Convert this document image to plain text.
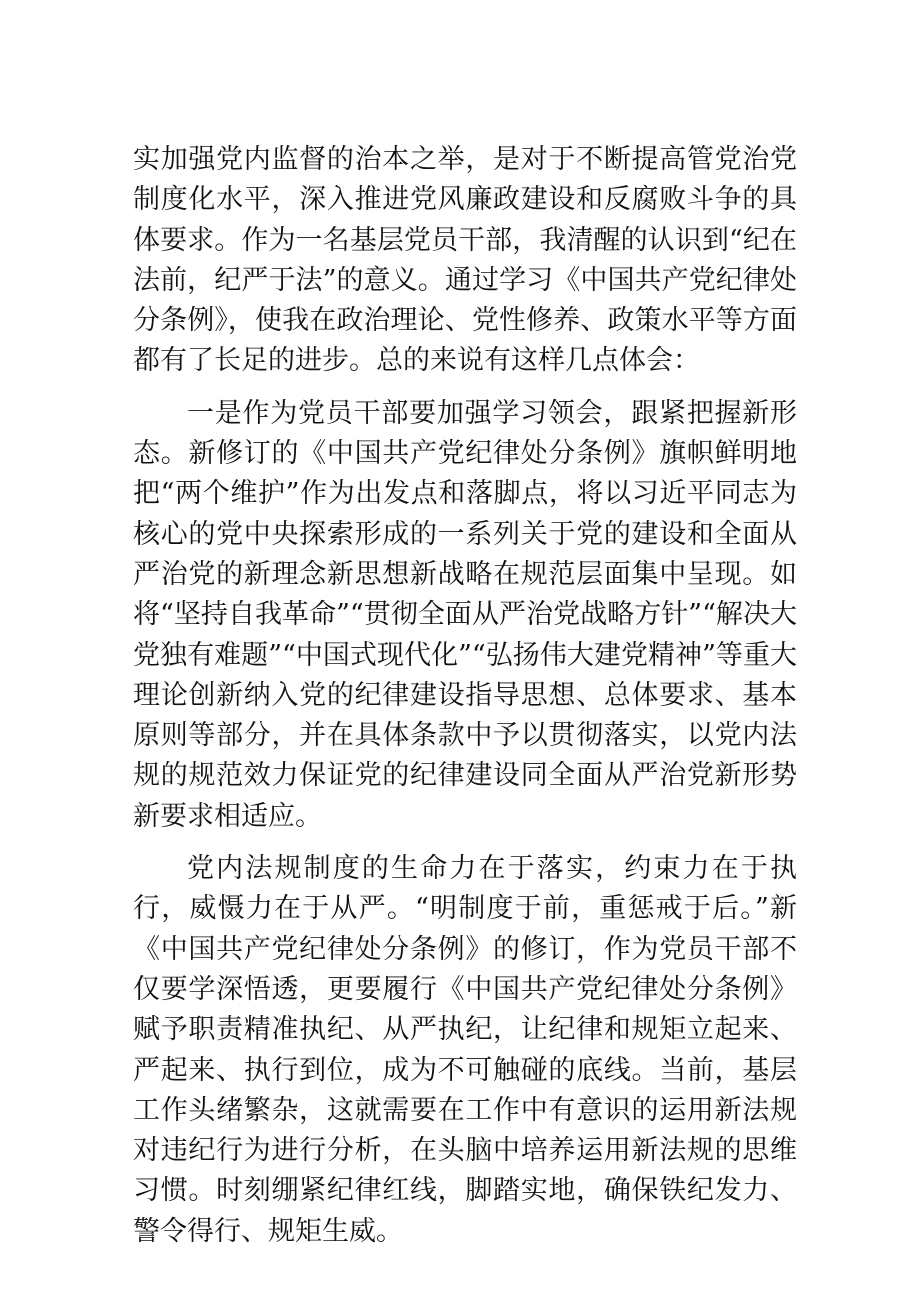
实加强党内监督的治本之举，是对于不断提高管党治党制度化水平，深入推进党风廉政建设和反腐败斗争的具体要求。作为一名基层党员干部，我清醒的认识到“纪在法前，纪严于法”的意义。通过学习《中国共产党纪律处分条例》，使我在政治理论、党性修养、政策水平等方面都有了长足的进步。总的来说有这样几点体会：

一是作为党员干部要加强学习领会，跟紧把握新形态。新修订的《中国共产党纪律处分条例》旗帜鲜明地把“两个维护”作为出发点和落脚点，将以习近平同志为核心的党中央探索形成的一系列关于党的建设和全面从严治党的新理念新思想新战略在规范层面集中呈现。如将“坚持自我革命”“贯彻全面从严治党战略方针”“解决大党独有难题”“中国式现代化”“弘扬伟大建党精神”等重大理论创新纳入党的纪律建设指导思想、总体要求、基本原则等部分，并在具体条款中予以贯彻落实，以党内法规的规范效力保证党的纪律建设同全面从严治党新形势新要求相适应。

党内法规制度的生命力在于落实，约束力在于执行，威慑力在于从严。“明制度于前，重惩戒于后。”新《中国共产党纪律处分条例》的修订，作为党员干部不仅要学深悟透，更要履行《中国共产党纪律处分条例》赋予职责精准执纪、从严执纪，让纪律和规矩立起来、严起来、执行到位，成为不可触碰的底线。当前，基层工作头绪繁杂，这就需要在工作中有意识的运用新法规对违纪行为进行分析，在头脑中培养运用新法规的思维习惯。时刻绷紧纪律红线，脚踏实地，确保铁纪发力、警令得行、规矩生威。
